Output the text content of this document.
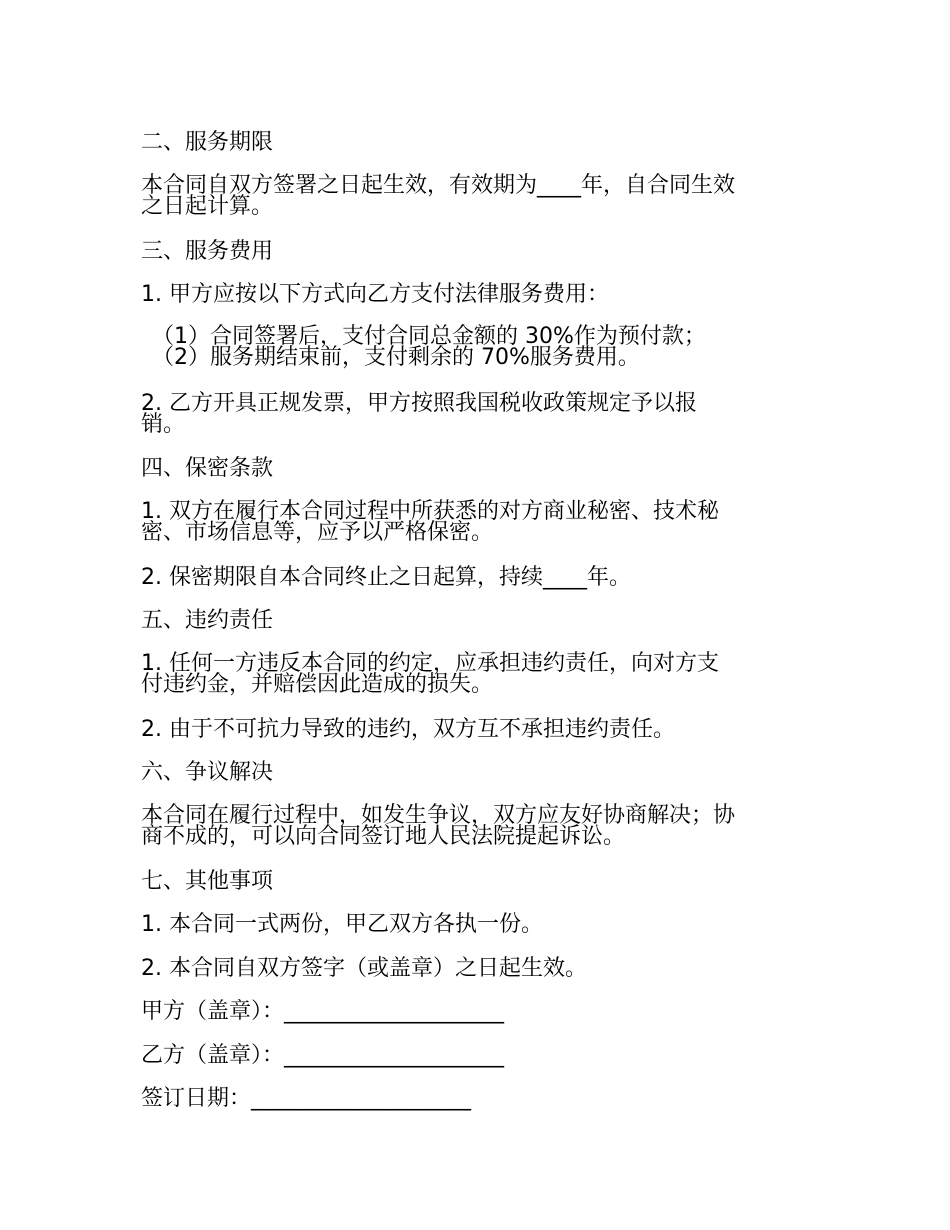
二、服务期限
本合同自双方签署之日起生效，有效期为____年，自合同生效
之日起计算。
三、服务费用
1. 甲方应按以下方式向乙方支付法律服务费用：
（1）合同签署后，支付合同总金额的 30%作为预付款；
（2）服务期结束前，支付剩余的 70%服务费用。
2. 乙方开具正规发票，甲方按照我国税收政策规定予以报
销。
四、保密条款
1. 双方在履行本合同过程中所获悉的对方商业秘密、技术秘
密、市场信息等，应予以严格保密。
2. 保密期限自本合同终止之日起算，持续____年。
五、违约责任
1. 任何一方违反本合同的约定，应承担违约责任，向对方支
付违约金，并赔偿因此造成的损失。
2. 由于不可抗力导致的违约，双方互不承担违约责任。
六、争议解决
本合同在履行过程中，如发生争议，双方应友好协商解决；协
商不成的，可以向合同签订地人民法院提起诉讼。
七、其他事项
1. 本合同一式两份，甲乙双方各执一份。
2. 本合同自双方签字（或盖章）之日起生效。
甲方（盖章）：____________________
乙方（盖章）：____________________
签订日期：____________________
